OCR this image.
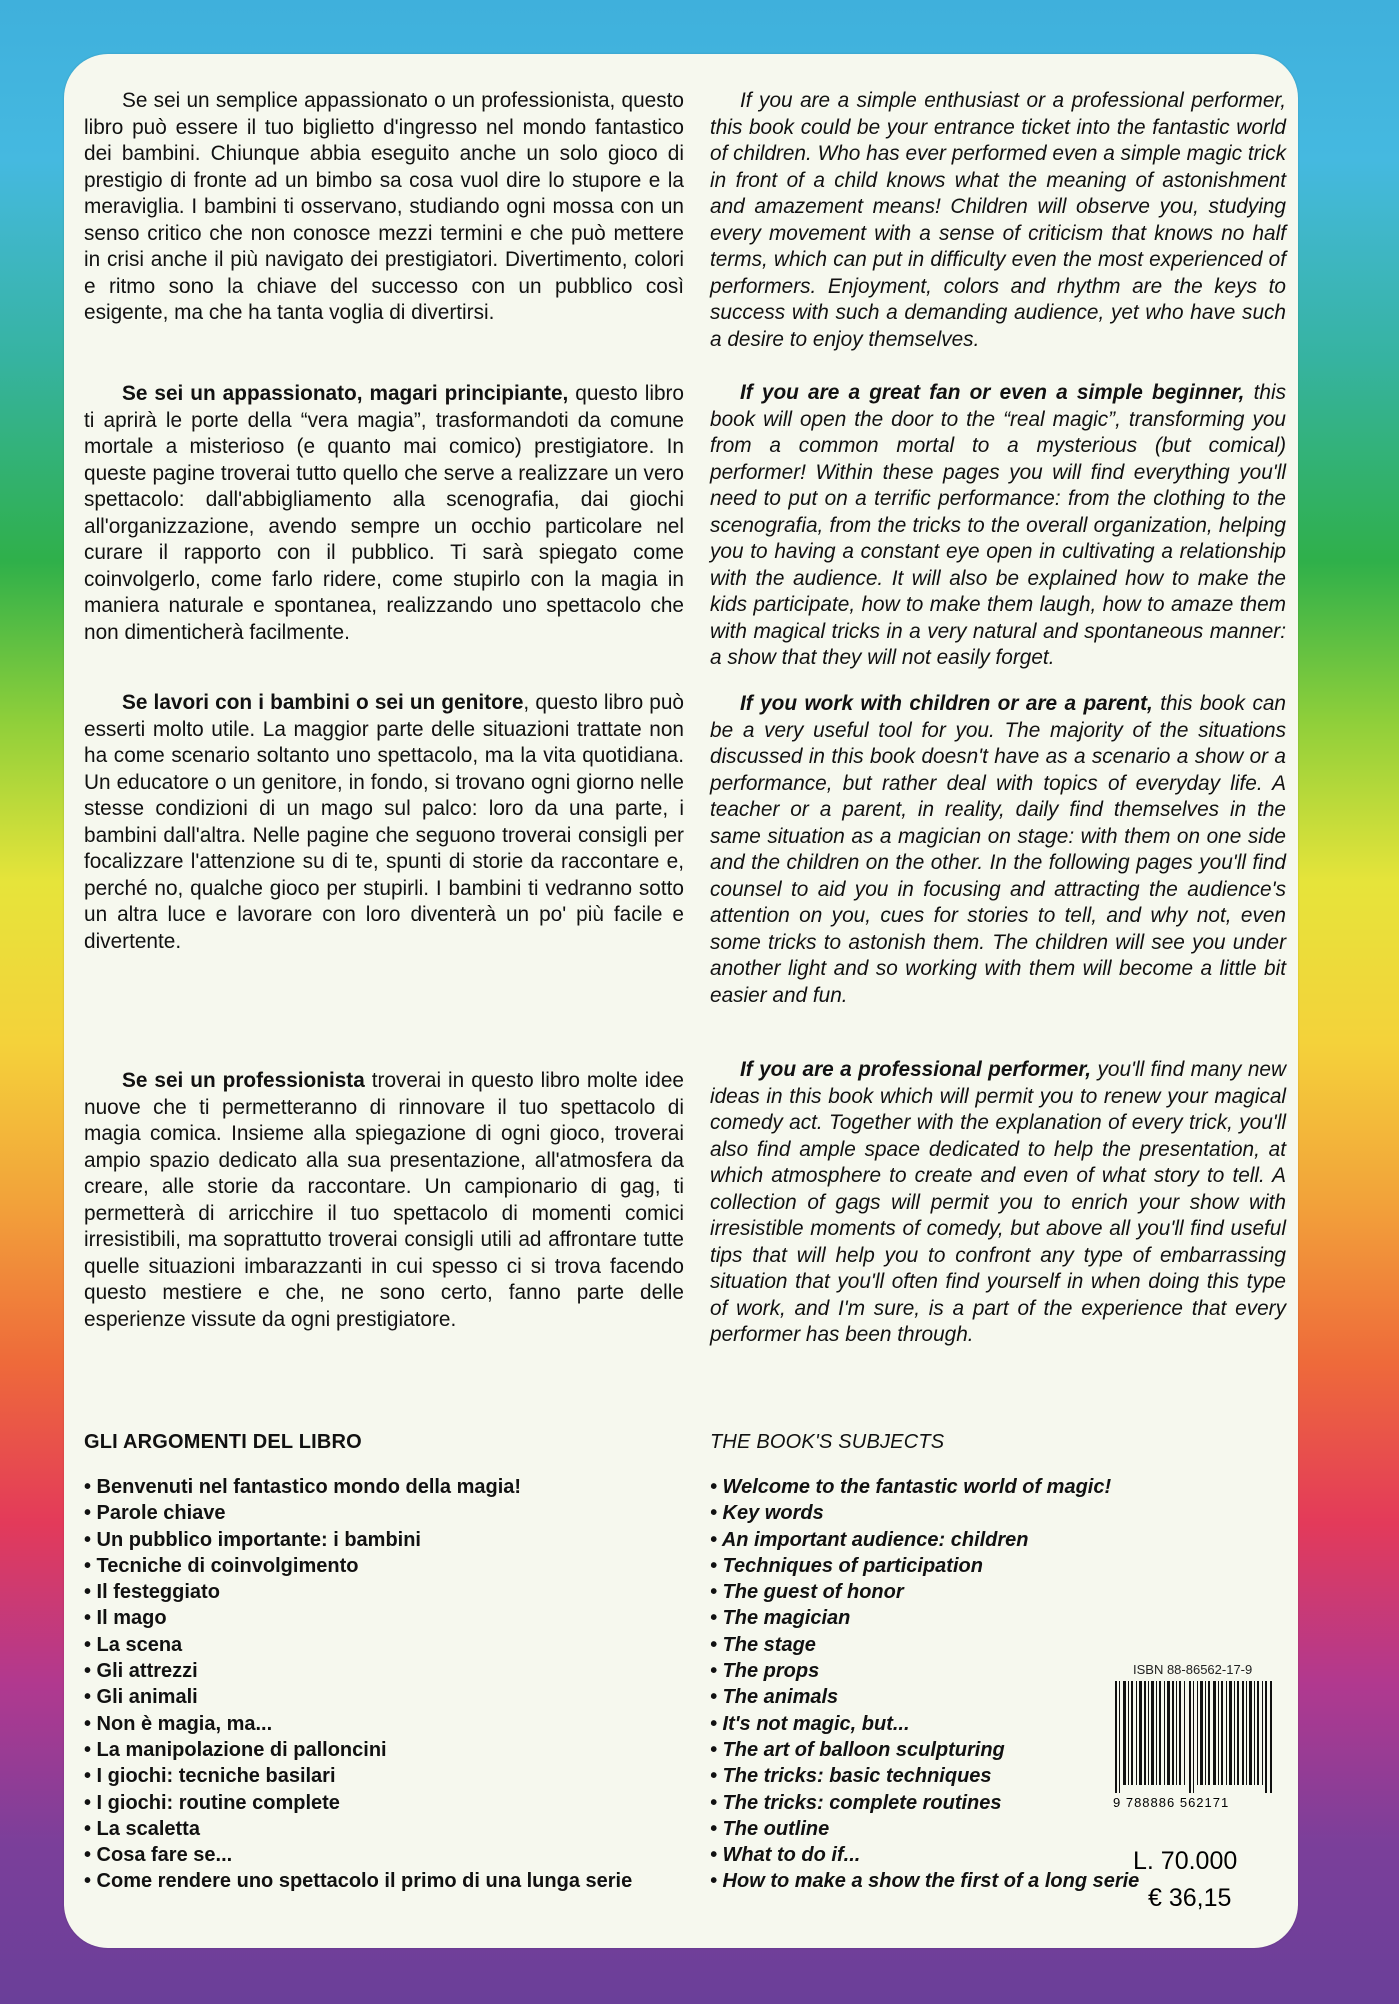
Se sei un semplice appassionato o un professionista, questo libro può essere il tuo biglietto d'ingresso nel mondo fantastico dei bambini. Chiunque abbia eseguito anche un solo gioco di prestigio di fronte ad un bimbo sa cosa vuol dire lo stupore e la meraviglia. I bambini ti osservano, studiando ogni mossa con un senso critico che non conosce mezzi termini e che può mettere in crisi anche il più navigato dei prestigiatori. Divertimento, colori e ritmo sono la chiave del successo con un pubblico così esigente, ma che ha tanta voglia di divertirsi.

Se sei un appassionato, magari principiante, questo libro ti aprirà le porte della “vera magia”, trasformandoti da comune mortale a misterioso (e quanto mai comico) prestigiatore. In queste pagine troverai tutto quello che serve a realizzare un vero spettacolo: dall'abbigliamento alla scenografia, dai giochi all'organizzazione, avendo sempre un occhio particolare nel curare il rapporto con il pubblico. Ti sarà spiegato come coinvolgerlo, come farlo ridere, come stupirlo con la magia in maniera naturale e spontanea, realizzando uno spettacolo che non dimenticherà facilmente.

Se lavori con i bambini o sei un genitore, questo libro può esserti molto utile. La maggior parte delle situazioni trattate non ha come scenario soltanto uno spettacolo, ma la vita quotidiana. Un educatore o un genitore, in fondo, si trovano ogni giorno nelle stesse condizioni di un mago sul palco: loro da una parte, i bambini dall'altra. Nelle pagine che seguono troverai consigli per focalizzare l'attenzione su di te, spunti di storie da raccontare e, perché no, qualche gioco per stupirli. I bambini ti vedranno sotto un altra luce e lavorare con loro diventerà un po' più facile e divertente.

Se sei un professionista troverai in questo libro molte idee nuove che ti permetteranno di rinnovare il tuo spettacolo di magia comica. Insieme alla spiegazione di ogni gioco, troverai ampio spazio dedicato alla sua presentazione, all'atmosfera da creare, alle storie da raccontare. Un campionario di gag, ti permetterà di arricchire il tuo spettacolo di momenti comici irresistibili, ma soprattutto troverai consigli utili ad affrontare tutte quelle situazioni imbarazzanti in cui spesso ci si trova facendo questo mestiere e che, ne sono certo, fanno parte delle esperienze vissute da ogni prestigiatore.

GLI ARGOMENTI DEL LIBRO

• Benvenuti nel fantastico mondo della magia!
• Parole chiave
• Un pubblico importante: i bambini
• Tecniche di coinvolgimento
• Il festeggiato
• Il mago
• La scena
• Gli attrezzi
• Gli animali
• Non è magia, ma...
• La manipolazione di palloncini
• I giochi: tecniche basilari
• I giochi: routine complete
• La scaletta
• Cosa fare se...
• Come rendere uno spettacolo il primo di una lunga serie

If you are a simple enthusiast or a professional performer, this book could be your entrance ticket into the fantastic world of children. Who has ever performed even a simple magic trick in front of a child knows what the meaning of astonishment and amazement means! Children will observe you, studying every movement with a sense of criticism that knows no half terms, which can put in difficulty even the most experienced of performers. Enjoyment, colors and rhythm are the keys to success with such a demanding audience, yet who have such a desire to enjoy themselves.

If you are a great fan or even a simple beginner, this book will open the door to the “real magic”, transforming you from a common mortal to a mysterious (but comical) performer! Within these pages you will find everything you'll need to put on a terrific performance: from the clothing to the scenografia, from the tricks to the overall organization, helping you to having a constant eye open in cultivating a relationship with the audience. It will also be explained how to make the kids participate, how to make them laugh, how to amaze them with magical tricks in a very natural and spontaneous manner: a show that they will not easily forget.

If you work with children or are a parent, this book can be a very useful tool for you. The majority of the situations discussed in this book doesn't have as a scenario a show or a performance, but rather deal with topics of everyday life. A teacher or a parent, in reality, daily find themselves in the same situation as a magician on stage: with them on one side and the children on the other. In the following pages you'll find counsel to aid you in focusing and attracting the audience's attention on you, cues for stories to tell, and why not, even some tricks to astonish them. The children will see you under another light and so working with them will become a little bit easier and fun.

If you are a professional performer, you'll find many new ideas in this book which will permit you to renew your magical comedy act. Together with the explanation of every trick, you'll also find ample space dedicated to help the presentation, at which atmosphere to create and even of what story to tell. A collection of gags will permit you to enrich your show with irresistible moments of comedy, but above all you'll find useful tips that will help you to confront any type of embarrassing situation that you'll often find yourself in when doing this type of work, and I'm sure, is a part of the experience that every performer has been through.

THE BOOK'S SUBJECTS

• Welcome to the fantastic world of magic!
• Key words
• An important audience: children
• Techniques of participation
• The guest of honor
• The magician
• The stage
• The props
• The animals
• It's not magic, but...
• The art of balloon sculpturing
• The tricks: basic techniques
• The tricks: complete routines
• The outline
• What to do if...
• How to make a show the first of a long serie
ISBN 88-86562-17-9
9 788886 562171
L. 70.000
€ 36,15
